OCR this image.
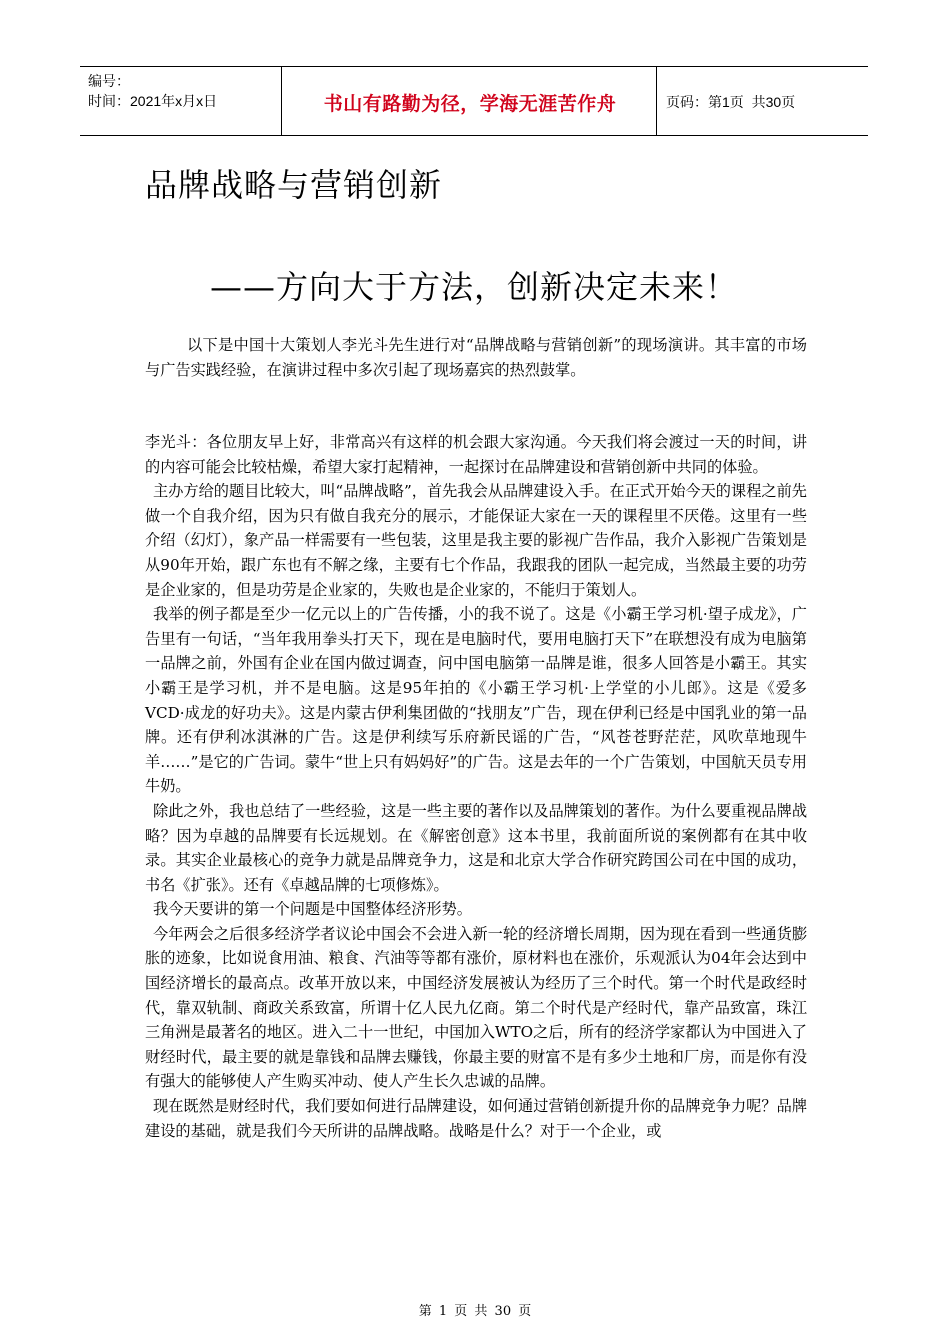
编号：
时间：2021年x月x日	书山有路勤为径，学海无涯苦作舟	页码：第1页  共30页
品牌战略与营销创新
——方向大于方法，创新决定未来！

以下是中国十大策划人李光斗先生进行对“品牌战略与营销创新”的现场演讲。其丰富的市场与广告实践经验，在演讲过程中多次引起了现场嘉宾的热烈鼓掌。

李光斗：各位朋友早上好，非常高兴有这样的机会跟大家沟通。今天我们将会渡过一天的时间，讲的内容可能会比较枯燥，希望大家打起精神，一起探讨在品牌建设和营销创新中共同的体验。

主办方给的题目比较大，叫“品牌战略”，首先我会从品牌建设入手。在正式开始今天的课程之前先做一个自我介绍，因为只有做自我充分的展示，才能保证大家在一天的课程里不厌倦。这里有一些介绍（幻灯），象产品一样需要有一些包装，这里是我主要的影视广告作品，我介入影视广告策划是从90年开始，跟广东也有不解之缘，主要有七个作品，我跟我的团队一起完成，当然最主要的功劳是企业家的，但是功劳是企业家的，失败也是企业家的，不能归于策划人。

我举的例子都是至少一亿元以上的广告传播，小的我不说了。这是《小霸王学习机·望子成龙》，广告里有一句话，“当年我用拳头打天下，现在是电脑时代，要用电脑打天下”在联想没有成为电脑第一品牌之前，外国有企业在国内做过调查，问中国电脑第一品牌是谁，很多人回答是小霸王。其实小霸王是学习机，并不是电脑。这是95年拍的《小霸王学习机·上学堂的小儿郎》。这是《爱多VCD·成龙的好功夫》。这是内蒙古伊利集团做的“找朋友”广告，现在伊利已经是中国乳业的第一品牌。还有伊利冰淇淋的广告。这是伊利续写乐府新民谣的广告，“风苍苍野茫茫，风吹草地现牛羊……”是它的广告词。蒙牛“世上只有妈妈好”的广告。这是去年的一个广告策划，中国航天员专用牛奶。

除此之外，我也总结了一些经验，这是一些主要的著作以及品牌策划的著作。为什么要重视品牌战略？因为卓越的品牌要有长远规划。在《解密创意》这本书里，我前面所说的案例都有在其中收录。其实企业最核心的竞争力就是品牌竞争力，这是和北京大学合作研究跨国公司在中国的成功，书名《扩张》。还有《卓越品牌的七项修炼》。

我今天要讲的第一个问题是中国整体经济形势。

今年两会之后很多经济学者议论中国会不会进入新一轮的经济增长周期，因为现在看到一些通货膨胀的迹象，比如说食用油、粮食、汽油等等都有涨价，原材料也在涨价，乐观派认为04年会达到中国经济增长的最高点。改革开放以来，中国经济发展被认为经历了三个时代。第一个时代是政经时代，靠双轨制、商政关系致富，所谓十亿人民九亿商。第二个时代是产经时代，靠产品致富，珠江三角洲是最著名的地区。进入二十一世纪，中国加入WTO之后，所有的经济学家都认为中国进入了财经时代，最主要的就是靠钱和品牌去赚钱，你最主要的财富不是有多少土地和厂房，而是你有没有强大的能够使人产生购买冲动、使人产生长久忠诚的品牌。

现在既然是财经时代，我们要如何进行品牌建设，如何通过营销创新提升你的品牌竞争力呢？品牌建设的基础，就是我们今天所讲的品牌战略。战略是什么？对于一个企业，或

第 1 页 共 30 页
